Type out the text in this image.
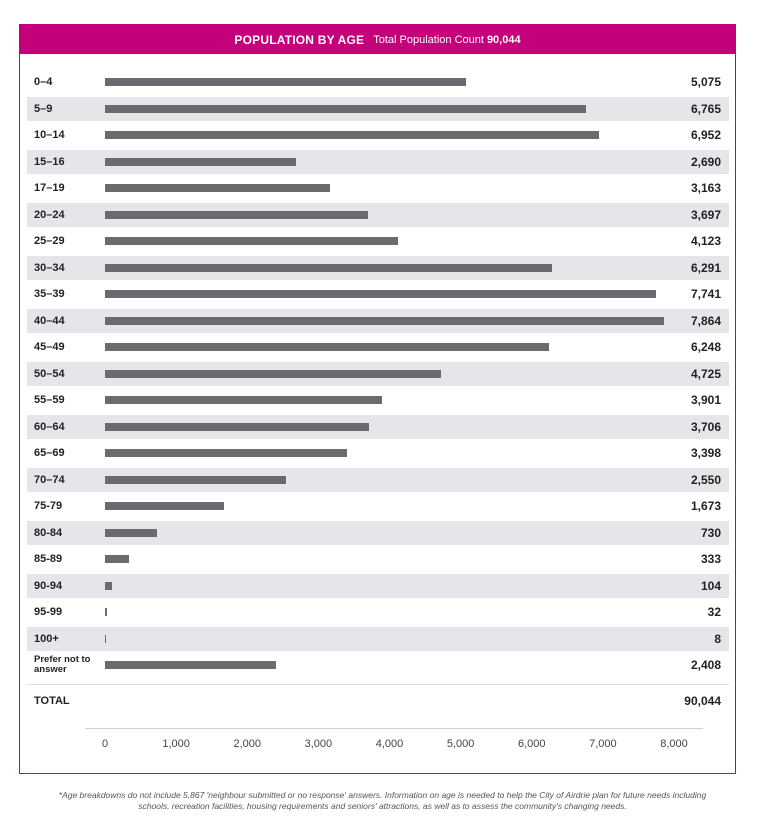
POPULATION BY AGE Total Population Count 90,044
0–4	5,075
5–9	6,765
10–14	6,952
15–16	2,690
17–19	3,163
20–24	3,697
25–29	4,123
30–34	6,291
35–39	7,741
40–44	7,864
45–49	6,248
50–54	4,725
55–59	3,901
60–64	3,706
65–69	3,398
70–74	2,550
75-79	1,673
80-84	730
85-89	333
90-94	104
95-99	32
100+	8
Prefer not to answer	2,408
TOTAL	90,044
0	1,000	2,000	3,000	4,000	5,000	6,000	7,000	8,000
*Age breakdowns do not include 5,867 'neighbour submitted or no response' answers. Information on age is needed to help the City of Airdrie plan for future needs including
schools, recreation facilities, housing requirements and seniors' attractions, as well as to assess the community's changing needs.
